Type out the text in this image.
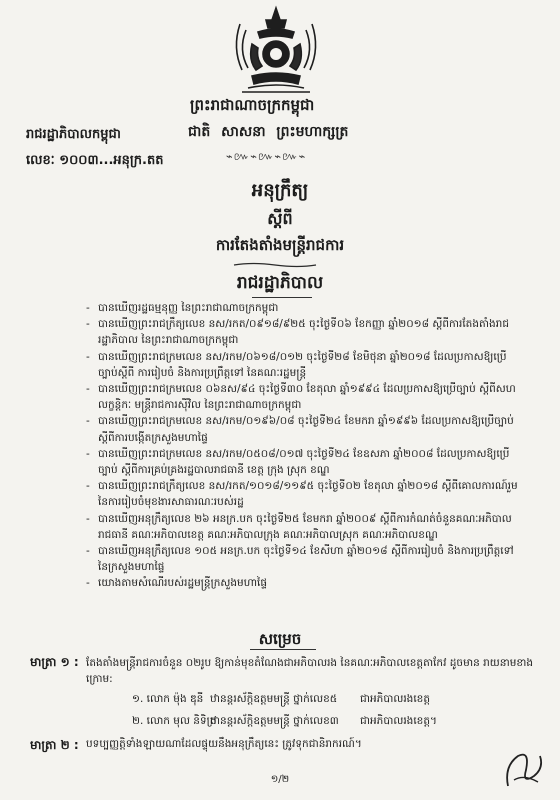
ព្រះរាជាណាចក្រកម្ពុជា
ជាតិ សាសនា ព្រះមហាក្សត្រ
រាជរដ្ឋាភិបាលកម្ពុជា
លេខៈ ១០០៣...អនុក្រ.តត	⌁៚⌁៚⌁៚⌁
អនុក្រឹត្យ
ស្តីពី
ការតែងតាំងមន្ត្រីរាជការ
រាជរដ្ឋាភិបាល
- បានឃើញរដ្ឋធម្មនុញ្ញ នៃព្រះរាជាណាចក្រកម្ពុជា
- បានឃើញព្រះរាជក្រឹត្យលេខ នស/រកត/០៩១៨/៩២៥ ចុះថ្ងៃទី០៦ ខែកញ្ញា ឆ្នាំ២០១៨ ស្តីពីការតែងតាំងរាជរដ្ឋាភិបាល នៃព្រះរាជាណាចក្រកម្ពុជា
- បានឃើញព្រះរាជក្រមលេខ នស/រកម/០៦១៨/០១២ ចុះថ្ងៃទី២៨ ខែមិថុនា ឆ្នាំ២០១៨ ដែលប្រកាសឱ្យប្រើច្បាប់ស្តីពី ការរៀបចំ និងការប្រព្រឹត្តទៅ នៃគណៈរដ្ឋមន្ត្រី
- បានឃើញព្រះរាជក្រមលេខ ០៦នស/៩៤ ចុះថ្ងៃទី៣០ ខែតុលា ឆ្នាំ១៩៩៤ ដែលប្រកាសឱ្យប្រើច្បាប់ ស្តីពីសហលក្ខន្តិកៈ មន្ត្រីរាជការស៊ីវិល នៃព្រះរាជាណាចក្រកម្ពុជា
- បានឃើញព្រះរាជក្រមលេខ នស/រកម/០១៩៦/០៨ ចុះថ្ងៃទី២៤ ខែមករា ឆ្នាំ១៩៩៦ ដែលប្រកាសឱ្យប្រើច្បាប់ ស្តីពីការបង្កើតក្រសួងមហាផ្ទៃ
- បានឃើញព្រះរាជក្រមលេខ នស/រកម/០៥០៨/០១៧ ចុះថ្ងៃទី២៤ ខែឧសភា ឆ្នាំ២០០៨ ដែលប្រកាសឱ្យប្រើច្បាប់ ស្តីពីការគ្រប់គ្រងរដ្ឋបាលរាជធានី ខេត្ត ក្រុង ស្រុក ខណ្ឌ
- បានឃើញព្រះរាជក្រឹត្យលេខ នស/រកត/១០១៨/១១៩៥ ចុះថ្ងៃទី០២ ខែតុលា ឆ្នាំ២០១៨ ស្តីពីគោលការណ៍រួម នៃការរៀបចំមុខងារសាធារណៈរបស់រដ្ឋ
- បានឃើញអនុក្រឹត្យលេខ ២៦ អនក្រ.បក ចុះថ្ងៃទី២៥ ខែមករា ឆ្នាំ២០០៩ ស្តីពីការកំណត់ចំនួនគណៈអភិបាលរាជធានី គណៈអភិបាលខេត្ត គណៈអភិបាលក្រុង គណៈអភិបាលស្រុក គណៈអភិបាលខណ្ឌ
- បានឃើញអនុក្រឹត្យលេខ ១០៥ អនក្រ.បក ចុះថ្ងៃទី១៤ ខែសីហា ឆ្នាំ២០១៨ ស្តីពីការរៀបចំ និងការប្រព្រឹត្តទៅ នៃក្រសួងមហាផ្ទៃ
- យោងតាមសំណើរបស់រដ្ឋមន្ត្រីក្រសួងមហាផ្ទៃ
សម្រេច
មាត្រា ១ : តែងតាំងមន្ត្រីរាជការចំនួន ០២រូប ឱ្យកាន់មុខតំណែងជាអភិបាលរង នៃគណៈអភិបាលខេត្តតាកែវ ដូចមាន រាយនាមខាងក្រោម:
១. លោក ម៉ុង ឌុនី ឋានន្តរស័ក្តិឧត្តមមន្ត្រី ថ្នាក់លេខ៥ ជាអភិបាលរងខេត្ត
២. លោក មុល និទិត្រ
ឋានន្តរស័ក្តិឧត្តមមន្ត្រី ថ្នាក់លេខ៣ ជាអភិបាលរងខេត្ត។
មាត្រា ២ : បទប្បញ្ញត្តិទាំងឡាយណាដែលផ្ទុយនឹងអនុក្រឹត្យនេះ ត្រូវទុកជានិរាករណ៍។
១/២
